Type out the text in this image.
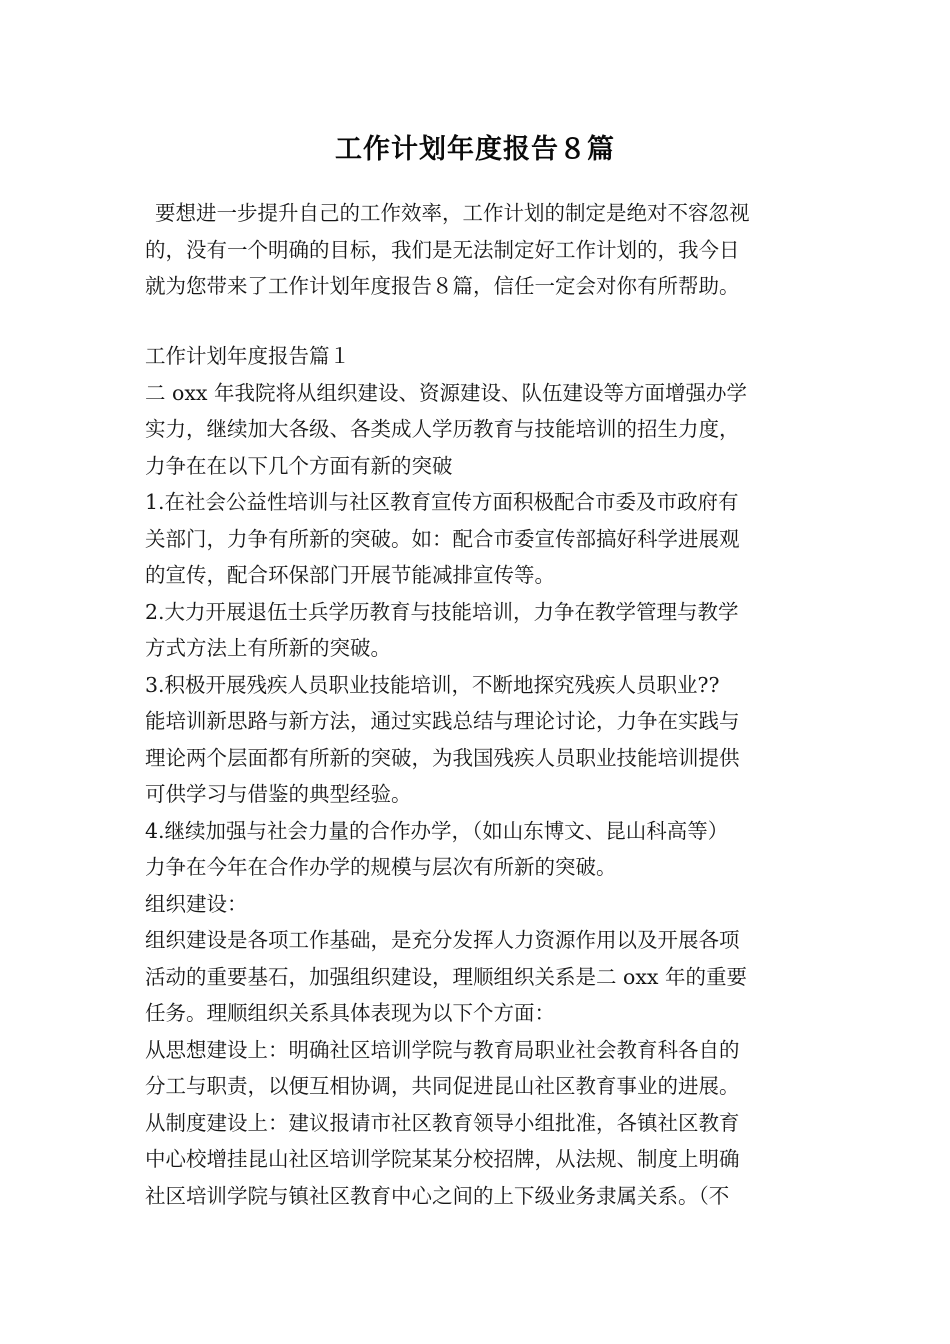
工作计划年度报告８篇
要想进一步提升自己的工作效率，工作计划的制定是绝对不容忽视
的，没有一个明确的目标，我们是无法制定好工作计划的，我今日
就为您带来了工作计划年度报告８篇，信任一定会对你有所帮助。
工作计划年度报告篇１
二 oxx 年我院将从组织建设、资源建设、队伍建设等方面增强办学
实力，继续加大各级、各类成人学历教育与技能培训的招生力度，
力争在在以下几个方面有新的突破
1.在社会公益性培训与社区教育宣传方面积极配合市委及市政府有
关部门，力争有所新的突破。如：配合市委宣传部搞好科学进展观
的宣传，配合环保部门开展节能减排宣传等。
2.大力开展退伍士兵学历教育与技能培训，力争在教学管理与教学
方式方法上有所新的突破。
3.积极开展残疾人员职业技能培训，不断地探究残疾人员职业??
能培训新思路与新方法，通过实践总结与理论讨论，力争在实践与
理论两个层面都有所新的突破，为我国残疾人员职业技能培训提供
可供学习与借鉴的典型经验。
4.继续加强与社会力量的合作办学，（如山东博文、昆山科高等）
力争在今年在合作办学的规模与层次有所新的突破。
组织建设：
组织建设是各项工作基础，是充分发挥人力资源作用以及开展各项
活动的重要基石，加强组织建设，理顺组织关系是二 oxx 年的重要
任务。理顺组织关系具体表现为以下个方面：
从思想建设上：明确社区培训学院与教育局职业社会教育科各自的
分工与职责，以便互相协调，共同促进昆山社区教育事业的进展。
从制度建设上：建议报请市社区教育领导小组批准，各镇社区教育
中心校增挂昆山社区培训学院某某分校招牌，从法规、制度上明确
社区培训学院与镇社区教育中心之间的上下级业务隶属关系。（不
